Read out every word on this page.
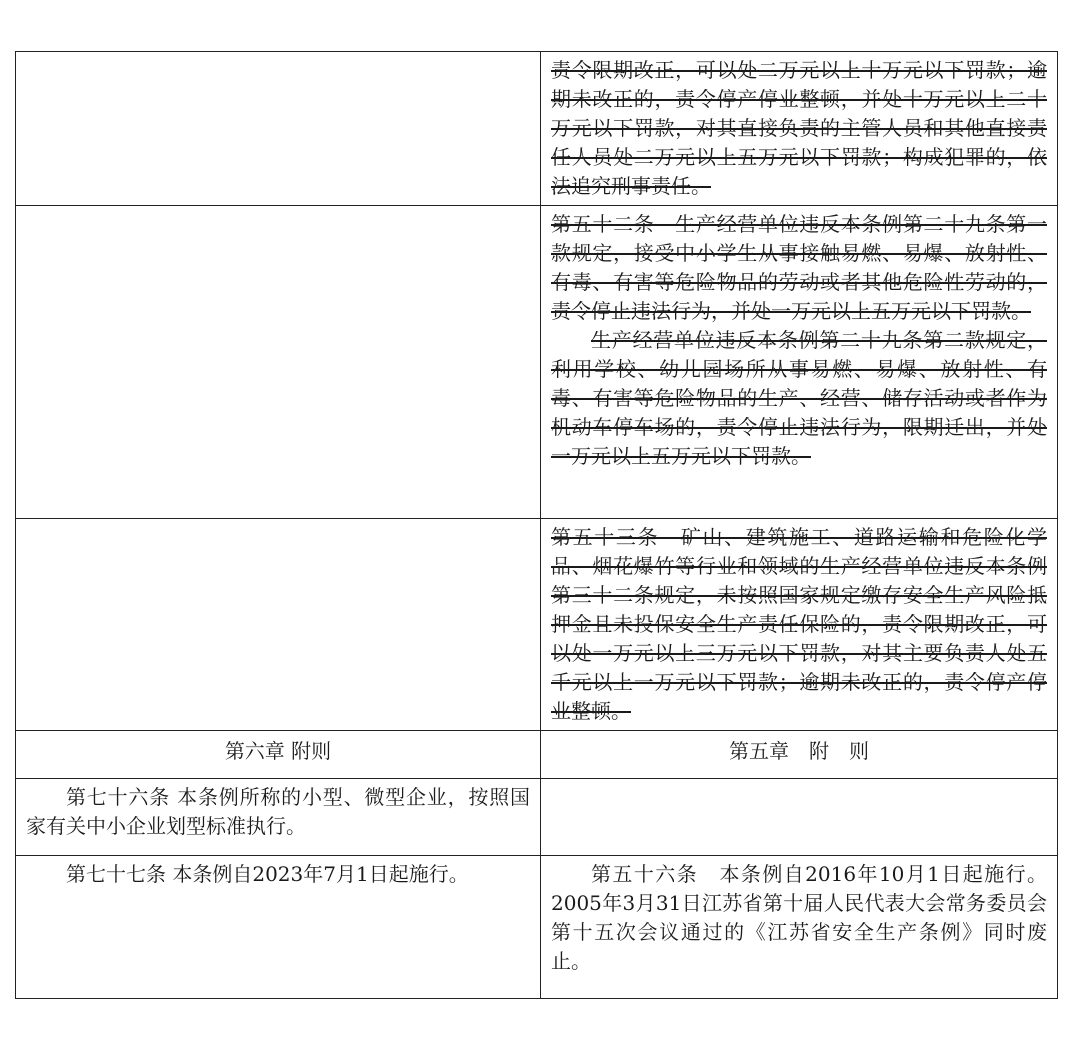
	责令限期改正，可以处二万元以上十万元以下罚款；逾期未改正的，责令停产停业整顿，并处十万元以上二十万元以下罚款，对其直接负责的主管人员和其他直接责任人员处二万元以上五万元以下罚款；构成犯罪的，依法追究刑事责任。

	第五十二条　生产经营单位违反本条例第二十九条第一款规定，接受中小学生从事接触易燃、易爆、放射性、有毒、有害等危险物品的劳动或者其他危险性劳动的，责令停止违法行为，并处一万元以上五万元以下罚款。

生产经营单位违反本条例第二十九条第二款规定，利用学校、幼儿园场所从事易燃、易爆、放射性、有毒、有害等危险物品的生产、经营、储存活动或者作为机动车停车场的，责令停止违法行为，限期迁出，并处一万元以上五万元以下罚款。

	第五十三条　矿山、建筑施工、道路运输和危险化学品、烟花爆竹等行业和领域的生产经营单位违反本条例第三十二条规定，未按照国家规定缴存安全生产风险抵押金且未投保安全生产责任保险的，责令限期改正，可以处一万元以上三万元以下罚款，对其主要负责人处五千元以上一万元以下罚款；逾期未改正的，责令停产停业整顿。

第六章 附则	第五章　附　则

第七十六条 本条例所称的小型、微型企业，按照国家有关中小企业划型标准执行。	

第七十七条 本条例自2023年7月1日起施行。	第五十六条　本条例自2016年10月1日起施行。2005年3月31日江苏省第十届人民代表大会常务委员会第十五次会议通过的《江苏省安全生产条例》同时废止。
